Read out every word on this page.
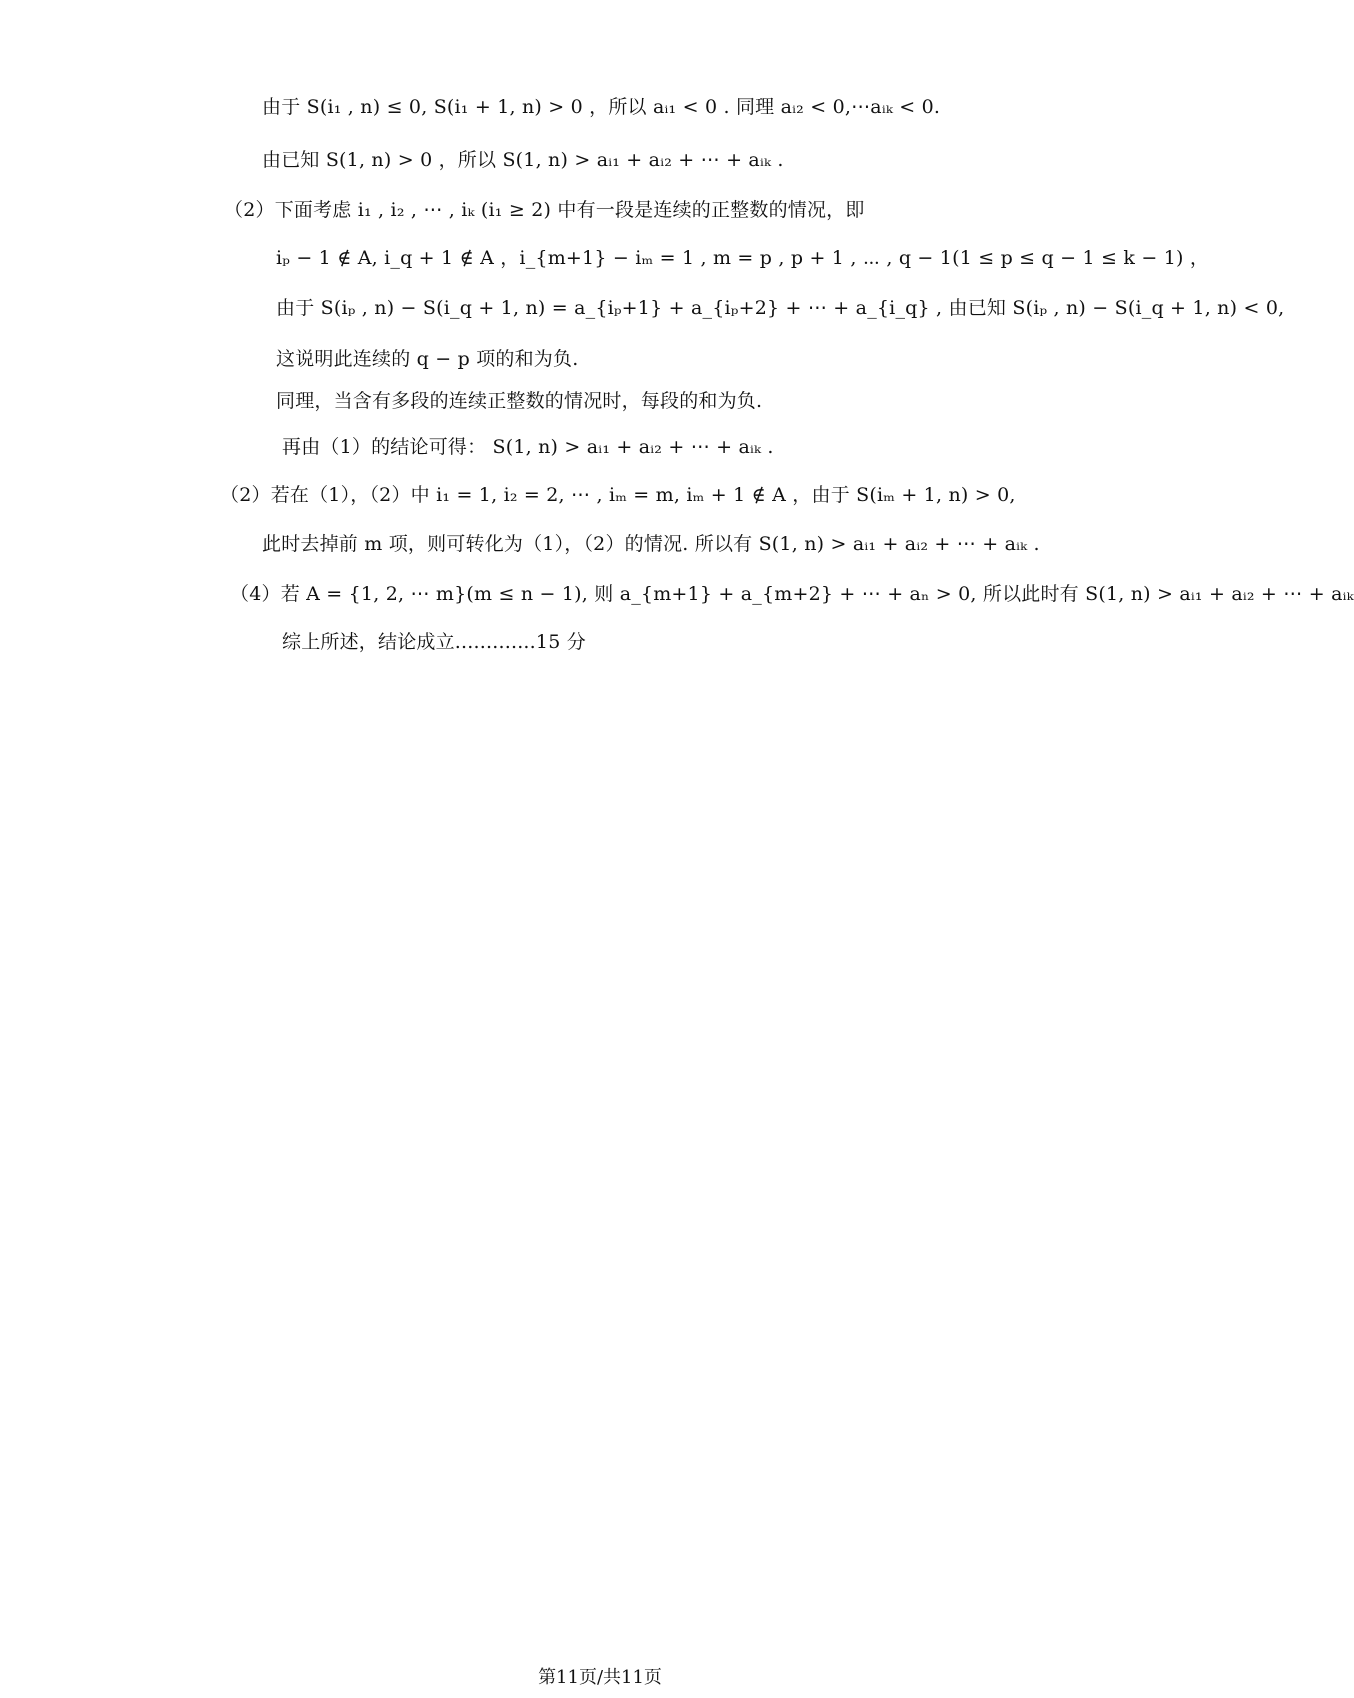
由于 S(i₁ , n) ≤ 0, S(i₁ + 1, n) > 0 ，所以 aᵢ₁ < 0 . 同理 aᵢ₂ < 0,⋯aᵢₖ < 0.
由已知 S(1, n) > 0 ，所以 S(1, n) > aᵢ₁ + aᵢ₂ + ⋯ + aᵢₖ .
（2）下面考虑 i₁ , i₂ , ⋯ , iₖ (i₁ ≥ 2) 中有一段是连续的正整数的情况，即
iₚ − 1 ∉ A, i_q + 1 ∉ A ，i_{m+1} − iₘ = 1 , m = p , p + 1 , ⋯ , q − 1(1 ≤ p ≤ q − 1 ≤ k − 1) ，
由于 S(iₚ , n) − S(i_q + 1, n) = a_{iₚ+1} + a_{iₚ+2} + ⋯ + a_{i_q} , 由已知 S(iₚ , n) − S(i_q + 1, n) < 0,
这说明此连续的 q − p 项的和为负.
同理，当含有多段的连续正整数的情况时，每段的和为负.
再由（1）的结论可得： S(1, n) > aᵢ₁ + aᵢ₂ + ⋯ + aᵢₖ .
（2）若在（1），（2）中 i₁ = 1, i₂ = 2, ⋯ , iₘ = m, iₘ + 1 ∉ A ，由于 S(iₘ + 1, n) > 0,
此时去掉前 m 项，则可转化为（1），（2）的情况. 所以有 S(1, n) > aᵢ₁ + aᵢ₂ + ⋯ + aᵢₖ .
（4）若 A = {1, 2, ⋯ m}(m ≤ n − 1), 则 a_{m+1} + a_{m+2} + ⋯ + aₙ > 0, 所以此时有 S(1, n) > aᵢ₁ + aᵢ₂ + ⋯ + aᵢₖ
综上所述，结论成立.............15 分
第11页/共11页
